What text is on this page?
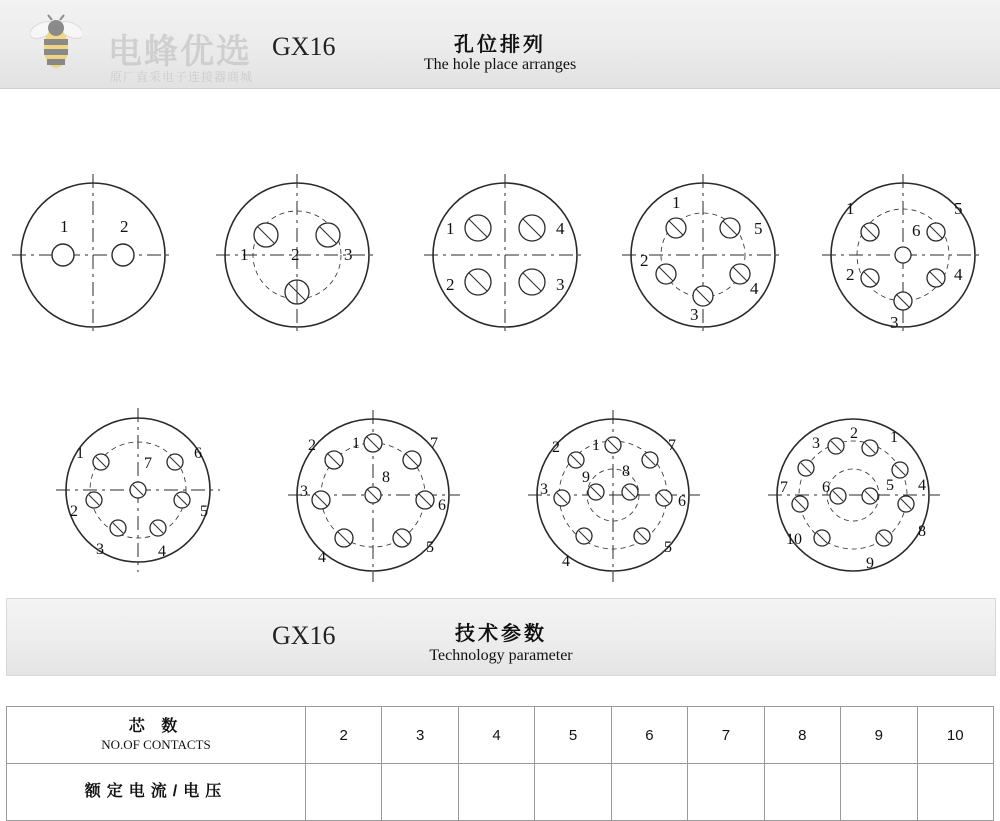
电蜂优选
原厂直采电子连接器商城
GX16	孔位排列
The hole place arranges
1	2
1	2	3
1	4
2	3
1
5
4
3
2
1	5
6
2	4
3
1	6
7
2	5
3	4
1	7
2
8
3
6
4
5
1	7
2
8
9
3
6
4
5
3
2 1
7 6	5 4
10	8
9
GX16	技术参数
Technology parameter
芯 数
NO.OF CONTACTS	2	3	4	5	6	7	8	9	10

额定电流/电压									
